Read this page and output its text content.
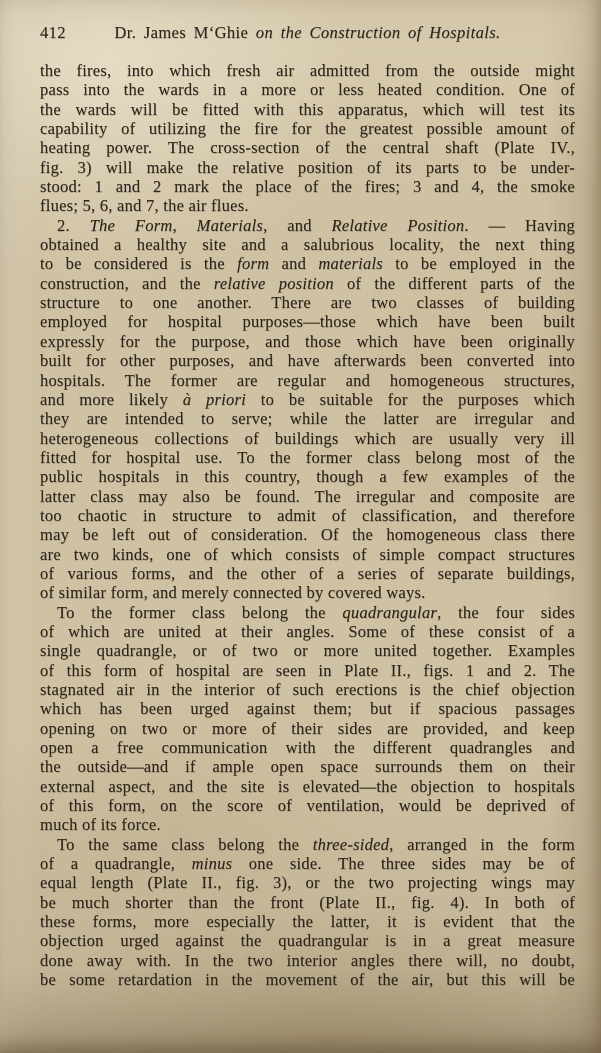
412	Dr. James M‘Ghie on the Construction of Hospitals.
the fires, into which fresh air admitted from the outside might
pass into the wards in a more or less heated condition. One of
the wards will be fitted with this apparatus, which will test its
capability of utilizing the fire for the greatest possible amount of
heating power. The cross-section of the central shaft (Plate IV.,
fig. 3) will make the relative position of its parts to be under-
stood: 1 and 2 mark the place of the fires; 3 and 4, the smoke
flues; 5, 6, and 7, the air flues.
2. The Form, Materials, and Relative Position. — Having
obtained a healthy site and a salubrious locality, the next thing
to be considered is the form and materials to be employed in the
construction, and the relative position of the different parts of the
structure to one another. There are two classes of building
employed for hospital purposes—those which have been built
expressly for the purpose, and those which have been originally
built for other purposes, and have afterwards been converted into
hospitals. The former are regular and homogeneous structures,
and more likely à priori to be suitable for the purposes which
they are intended to serve; while the latter are irregular and
heterogeneous collections of buildings which are usually very ill
fitted for hospital use. To the former class belong most of the
public hospitals in this country, though a few examples of the
latter class may also be found. The irregular and composite are
too chaotic in structure to admit of classification, and therefore
may be left out of consideration. Of the homogeneous class there
are two kinds, one of which consists of simple compact structures
of various forms, and the other of a series of separate buildings,
of similar form, and merely connected by covered ways.
To the former class belong the quadrangular, the four sides
of which are united at their angles. Some of these consist of a
single quadrangle, or of two or more united together. Examples
of this form of hospital are seen in Plate II., figs. 1 and 2. The
stagnated air in the interior of such erections is the chief objection
which has been urged against them; but if spacious passages
opening on two or more of their sides are provided, and keep
open a free communication with the different quadrangles and
the outside—and if ample open space surrounds them on their
external aspect, and the site is elevated—the objection to hospitals
of this form, on the score of ventilation, would be deprived of
much of its force.
To the same class belong the three-sided, arranged in the form
of a quadrangle, minus one side. The three sides may be of
equal length (Plate II., fig. 3), or the two projecting wings may
be much shorter than the front (Plate II., fig. 4). In both of
these forms, more especially the latter, it is evident that the
objection urged against the quadrangular is in a great measure
done away with. In the two interior angles there will, no doubt,
be some retardation in the movement of the air, but this will be
